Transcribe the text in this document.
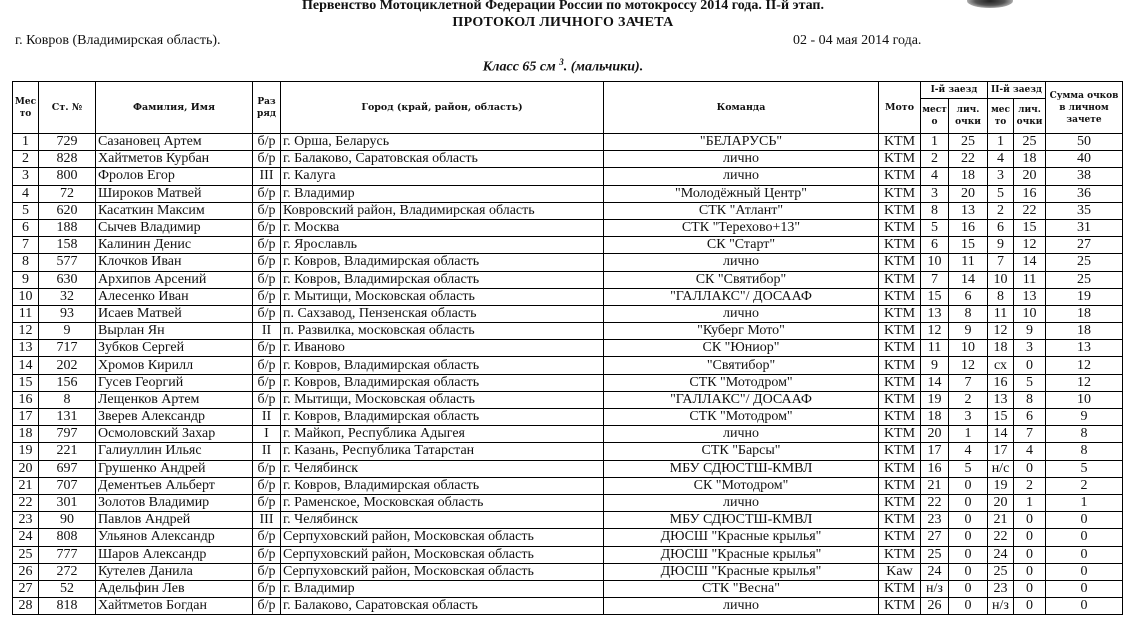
Первенство Мотоциклетной Федерации России по мотокроссу 2014 года. II-й этап.
ПРОТОКОЛ ЛИЧНОГО ЗАЧЕТА
г. Ковров (Владимирская область).	02 - 04 мая 2014 года.
Класс 65 см $^3$. (мальчики).
Мес то	Ст. №	Фамилия, Имя	Раз ряд	Город (край, район, область)	Команда	Мото	I-й заезд		II-й заезд		Сумма очков в личном зачете
							мест о	лич. очки	мес то	лич. очки	
1	729	Сазановец Артем	б/р	г. Орша, Беларусь	"БЕЛАРУСЬ"	KTM	1	25	1	25	50
2	828	Хайтметов Курбан	б/р	г. Балаково, Саратовская область	лично	KTM	2	22	4	18	40
3	800	Фролов Егор	III	г. Калуга	лично	KTM	4	18	3	20	38
4	72	Широков Матвей	б/р	г. Владимир	"Молодёжный Центр"	KTM	3	20	5	16	36
5	620	Касаткин Максим	б/р	Ковровский район, Владимирская область	СТК "Атлант"	KTM	8	13	2	22	35
6	188	Сычев Владимир	б/р	г. Москва	СТК "Терехово+13"	KTM	5	16	6	15	31
7	158	Калинин Денис	б/р	г. Ярославль	СК "Старт"	KTM	6	15	9	12	27
8	577	Клочков Иван	б/р	г. Ковров, Владимирская область	лично	KTM	10	11	7	14	25
9	630	Архипов Арсений	б/р	г. Ковров, Владимирская область	СК "Святибор"	KTM	7	14	10	11	25
10	32	Алесенко Иван	б/р	г. Мытищи, Московская область	"ГАЛЛАКС"/ ДОСААФ	KTM	15	6	8	13	19
11	93	Исаев Матвей	б/р	п. Сахзавод, Пензенская область	лично	KTM	13	8	11	10	18
12	9	Вырлан Ян	II	п. Развилка, московская область	"Куберг Мото"	KTM	12	9	12	9	18
13	717	Зубков Сергей	б/р	г. Иваново	СК "Юниор"	KTM	11	10	18	3	13
14	202	Хромов Кирилл	б/р	г. Ковров, Владимирская область	"Святибор"	KTM	9	12	сх	0	12
15	156	Гусев Георгий	б/р	г. Ковров, Владимирская область	СТК "Мотодром"	KTM	14	7	16	5	12
16	8	Лещенков Артем	б/р	г. Мытищи, Московская область	"ГАЛЛАКС"/ ДОСААФ	KTM	19	2	13	8	10
17	131	Зверев Александр	II	г. Ковров, Владимирская область	СТК "Мотодром"	KTM	18	3	15	6	9
18	797	Осмоловский Захар	I	г. Майкоп, Республика Адыгея	лично	KTM	20	1	14	7	8
19	221	Галиуллин Ильяс	II	г. Казань, Республика Татарстан	СТК "Барсы"	KTM	17	4	17	4	8
20	697	Грушенко Андрей	б/р	г. Челябинск	МБУ СДЮСТШ-КМВЛ	KTM	16	5	н/с	0	5
21	707	Дементьев Альберт	б/р	г. Ковров, Владимирская область	СК "Мотодром"	KTM	21	0	19	2	2
22	301	Золотов Владимир	б/р	г. Раменское, Московская область	лично	KTM	22	0	20	1	1
23	90	Павлов Андрей	III	г. Челябинск	МБУ СДЮСТШ-КМВЛ	KTM	23	0	21	0	0
24	808	Ульянов Александр	б/р	Серпуховский район, Московская область	ДЮСШ "Красные крылья"	KTM	27	0	22	0	0
25	777	Шаров Александр	б/р	Серпуховский район, Московская область	ДЮСШ "Красные крылья"	KTM	25	0	24	0	0
26	272	Кутелев Данила	б/р	Серпуховский район, Московская область	ДЮСШ "Красные крылья"	Kaw	24	0	25	0	0
27	52	Адельфин Лев	б/р	г. Владимир	СТК "Весна"	KTM	н/з	0	23	0	0
28	818	Хайтметов Богдан	б/р	г. Балаково, Саратовская область	лично	KTM	26	0	н/з	0	0
